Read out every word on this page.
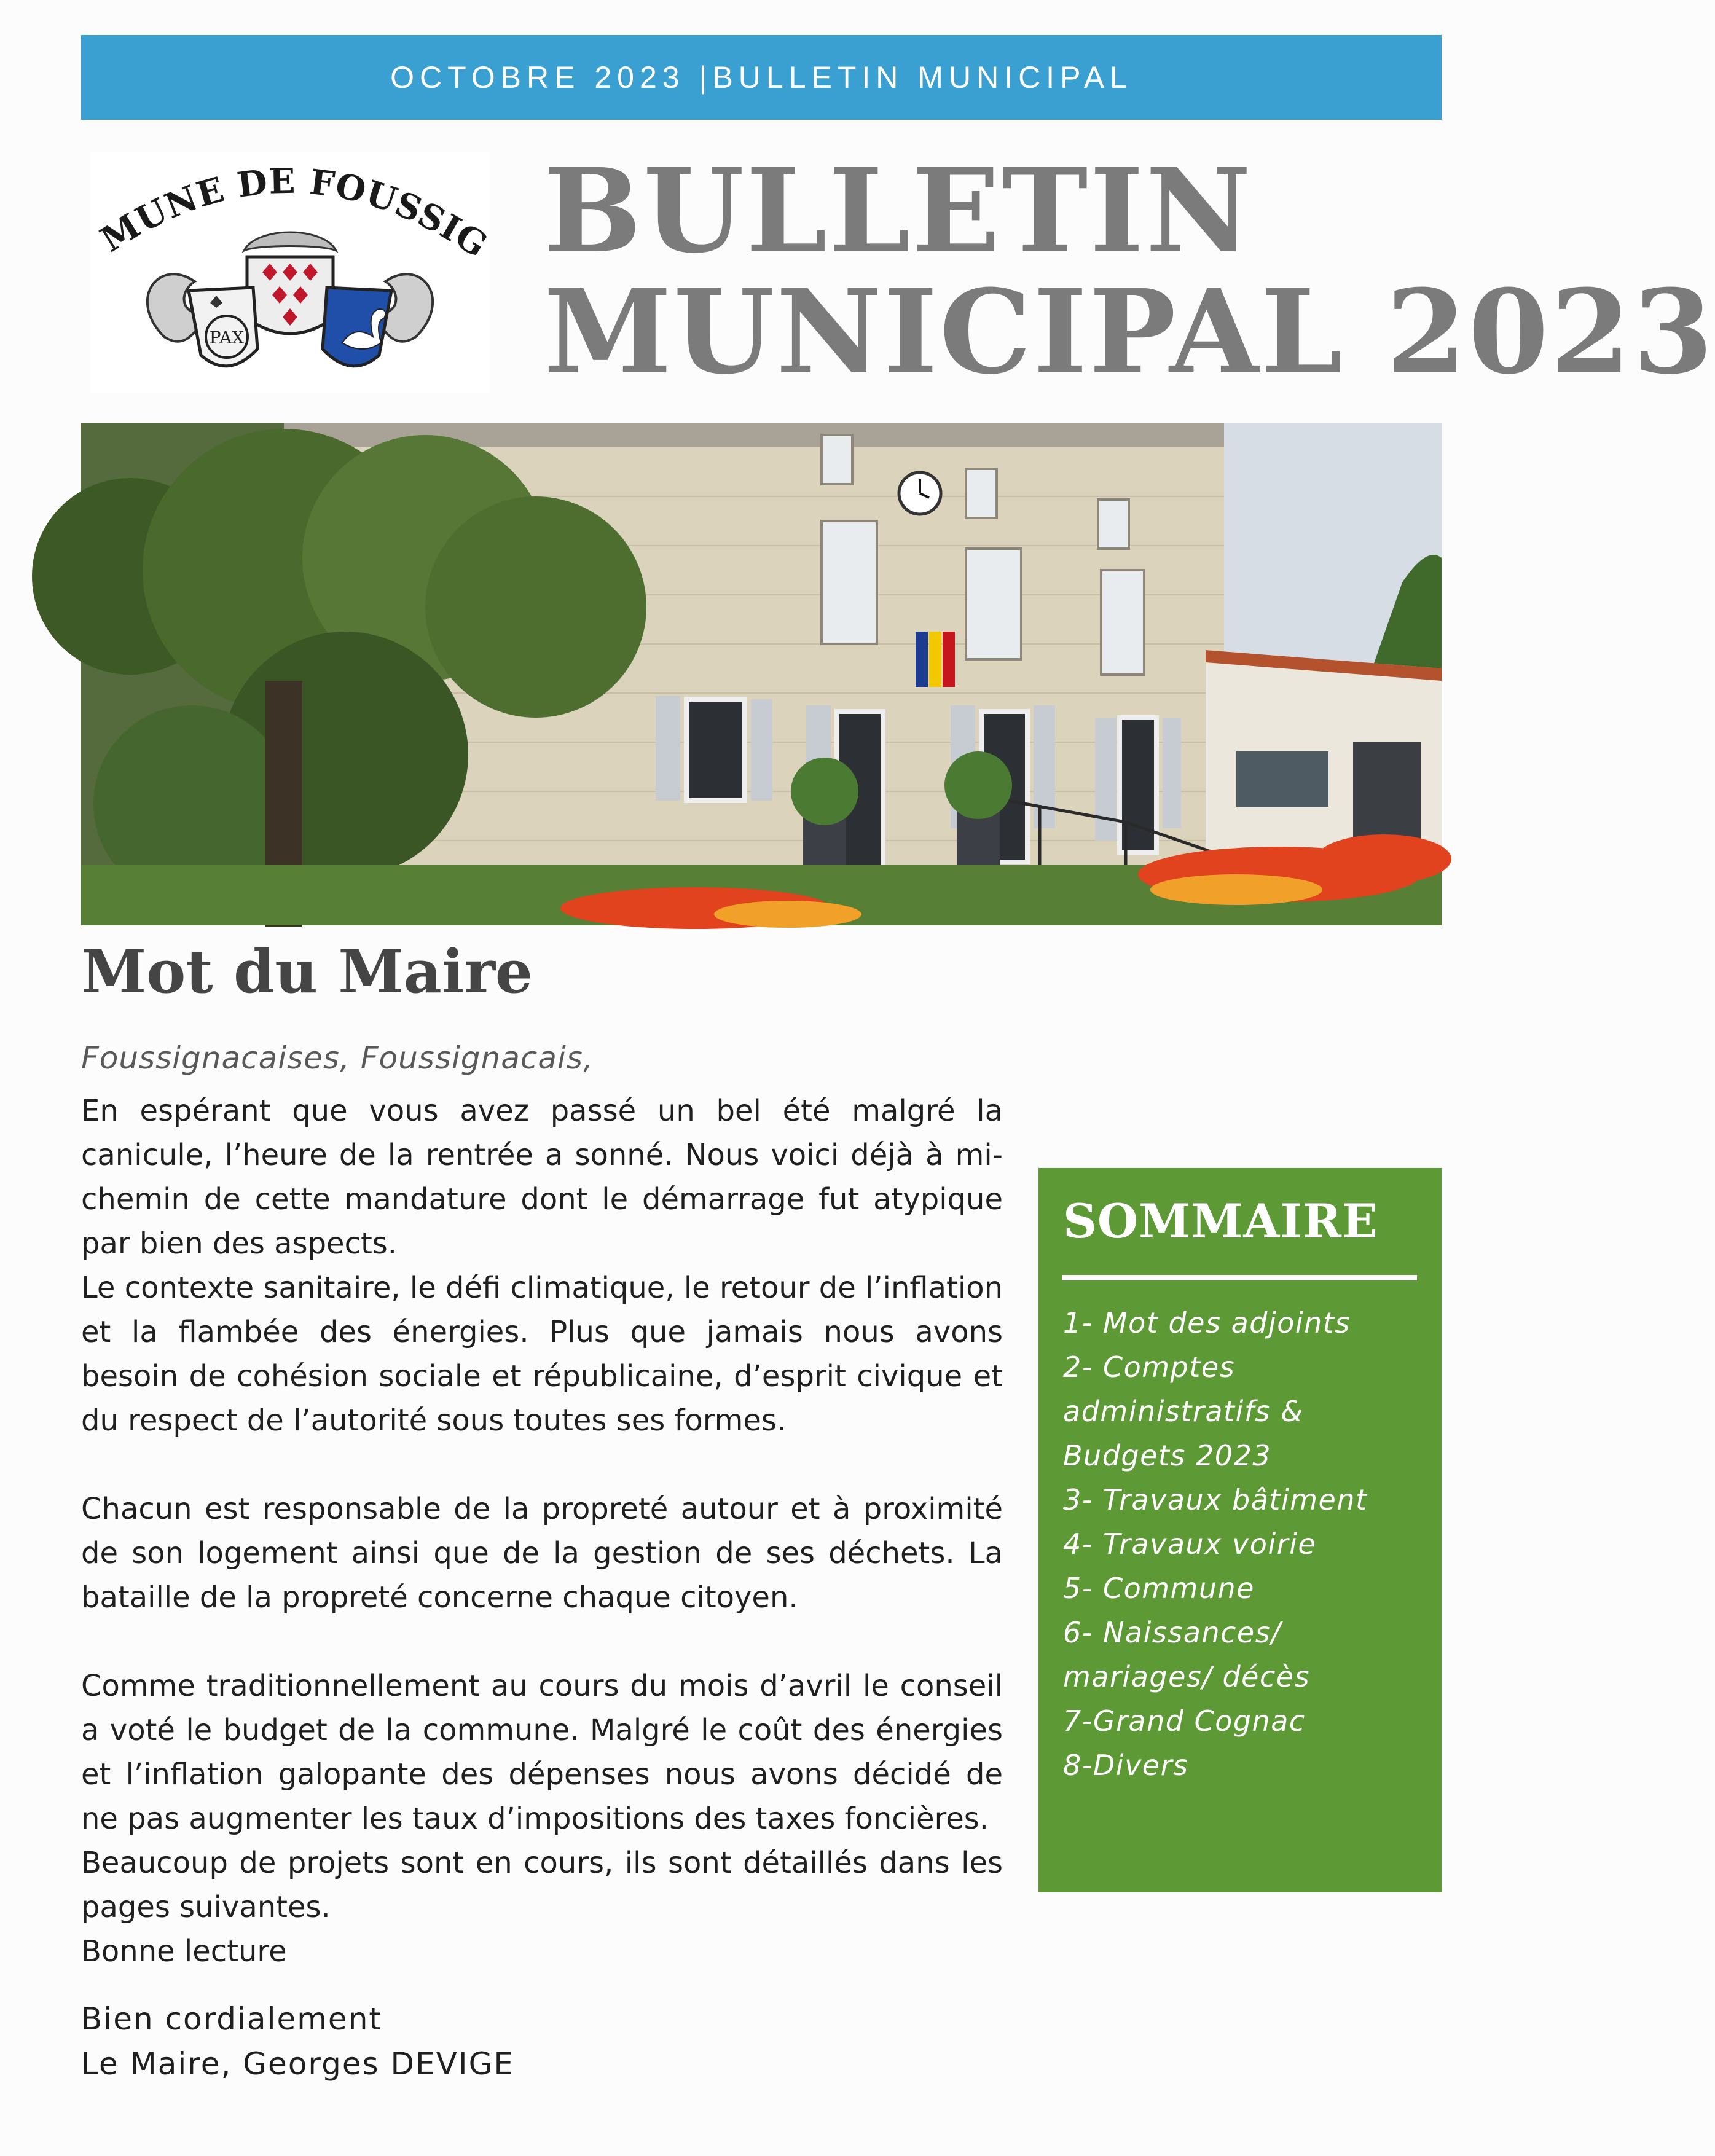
OCTOBRE 2023 |BULLETIN MUNICIPAL
MUNE DE FOUSSI
PAX
BULLETIN
MUNICIPAL 2023
Mot du Maire
Foussignacaises, Foussignacais,

En espérant que vous avez passé un bel été malgré la canicule, l’heure de la rentrée a sonné. Nous voici déjà à mi-chemin de cette mandature dont le démarrage fut atypique par bien des aspects.

Le contexte sanitaire, le défi climatique, le retour de l’inflation et la flambée des énergies. Plus que jamais nous avons besoin de cohésion sociale et républicaine, d’esprit civique et du respect de l’autorité sous toutes ses formes.

Chacun est responsable de la propreté autour et à proximité de son logement ainsi que de la gestion de ses déchets. La bataille de la propreté concerne chaque citoyen.

Comme traditionnellement au cours du mois d’avril le conseil a voté le budget de la commune. Malgré le coût des énergies et l’inflation galopante des dépenses nous avons décidé de ne pas augmenter les taux d’impositions des taxes foncières.

Beaucoup de projets sont en cours, ils sont détaillés dans les pages suivantes.

Bonne lecture

Bien cordialement
Le Maire, Georges DEVIGE
SOMMAIRE
1- Mot des adjoints
2- Comptes administratifs & Budgets 2023
3- Travaux bâtiment
4- Travaux voirie
5- Commune
6- Naissances/ mariages/ décès
7-Grand Cognac
8-Divers
